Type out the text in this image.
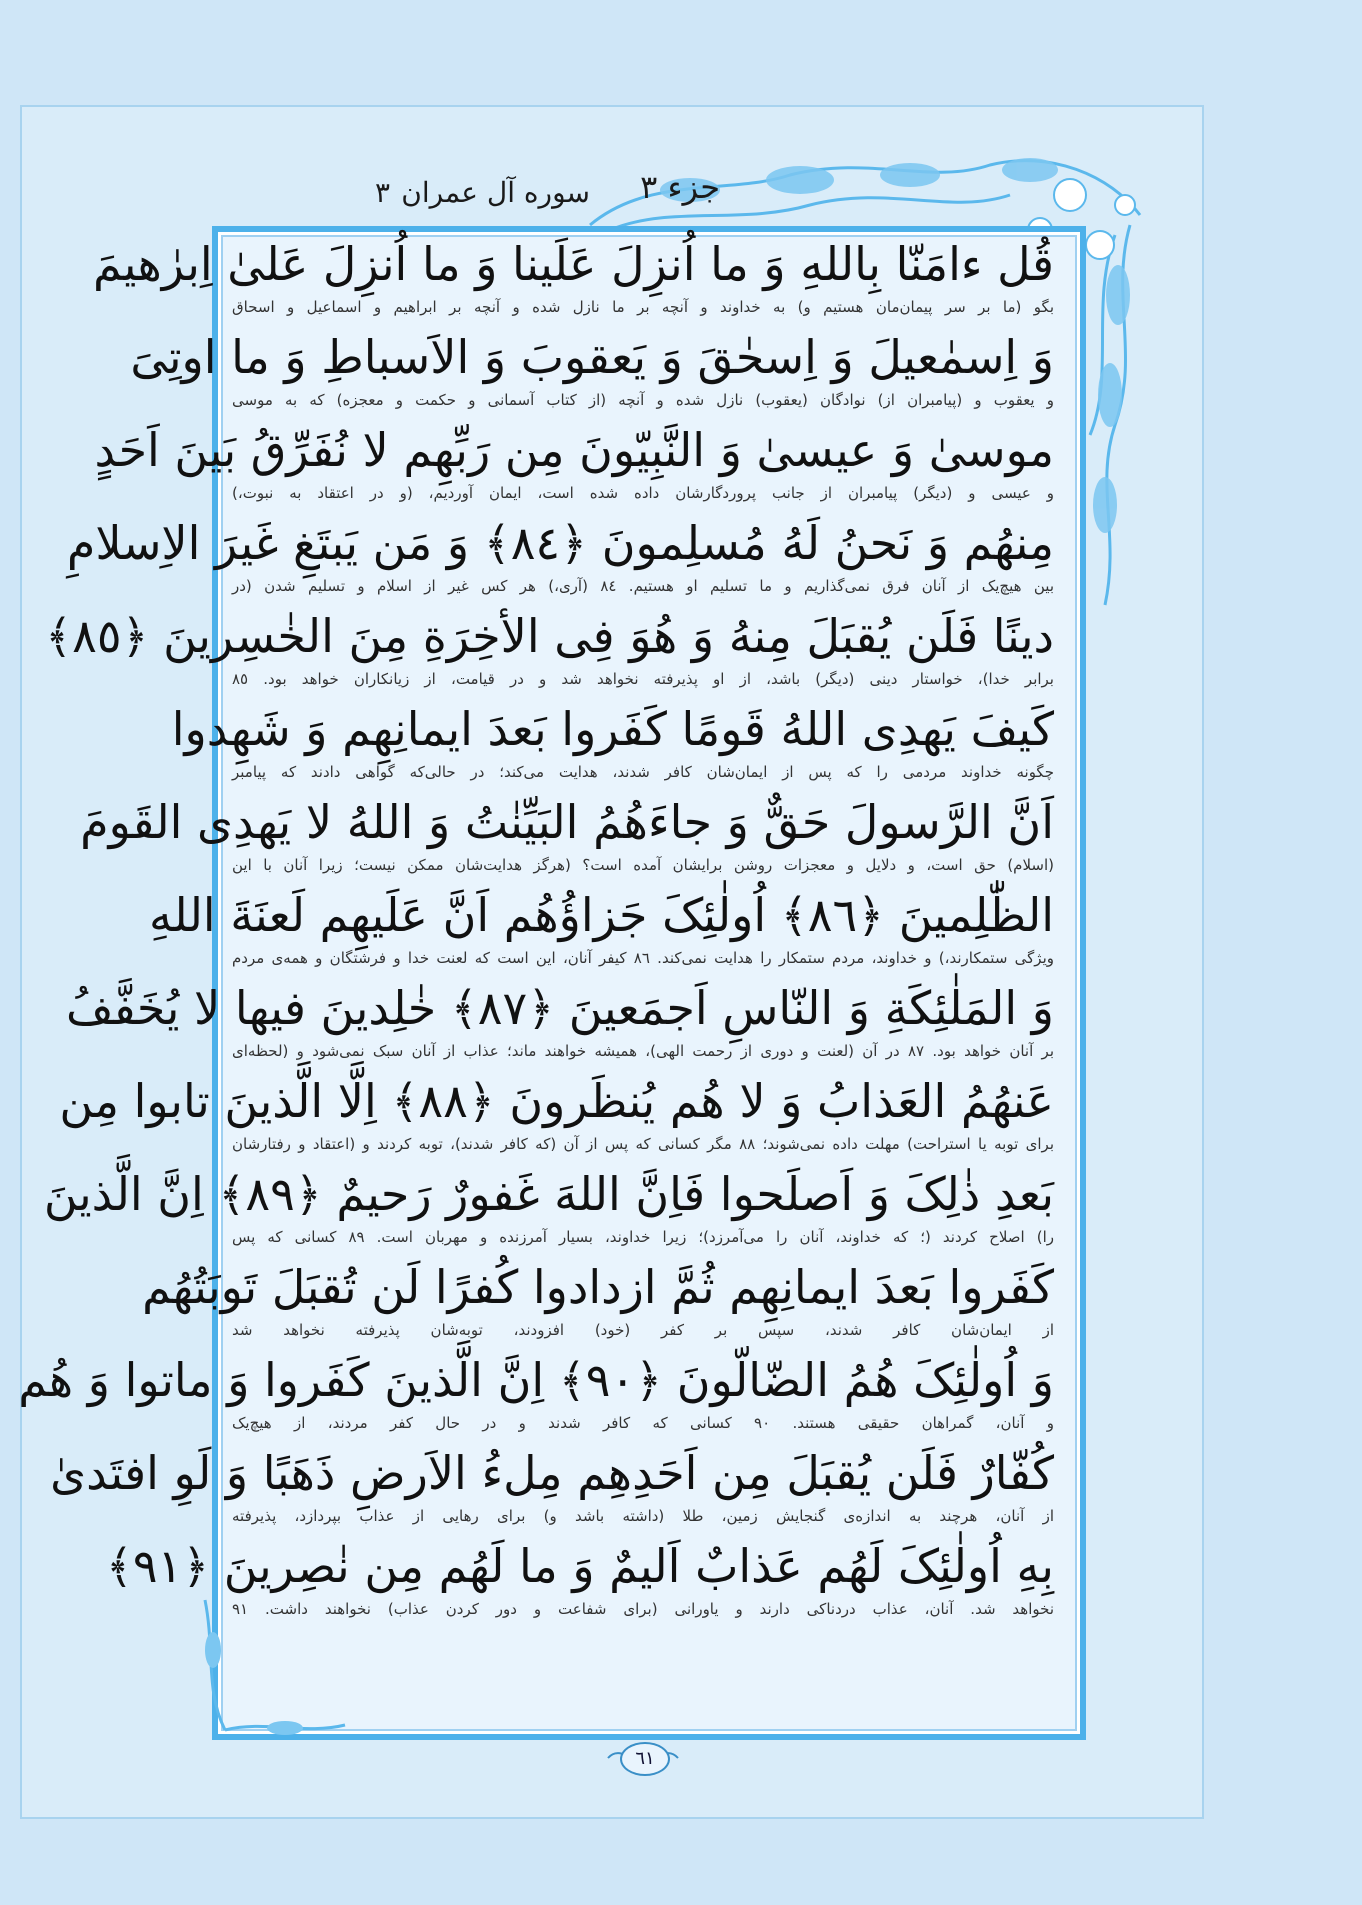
جزء ٣
سوره آل عمران
٣
قُل ءامَنّا بِاللهِ وَ ما اُنزِلَ عَلَينا وَ ما اُنزِلَ عَلیٰ اِبرٰهیمَ
بگو (ما بر سر پیمان‌مان هستیم و) به خداوند و آنچه بر ما نازل شده و آنچه بر ابراهیم و اسماعیل و اسحاق
وَ اِسمٰعیلَ وَ اِسحٰقَ وَ یَعقوبَ وَ الاَسباطِ وَ ما اوتِیَ
و یعقوب و (پیامبران از) نوادگان (یعقوب) نازل شده و آنچه (از کتاب آسمانی و حکمت و معجزه) که به موسی
موسیٰ وَ عیسیٰ وَ النَّبِیّونَ مِن رَبِّهِم لا نُفَرِّقُ بَینَ اَحَدٍ
و عیسی و (دیگر) پیامبران از جانب پروردگارشان داده شده است، ایمان آوردیم، (و در اعتقاد به نبوت،)
مِنهُم وَ نَحنُ لَهُ مُسلِمونَ ﴿٨٤﴾ وَ مَن یَبتَغِ غَیرَ الاِسلامِ
بین هیچ‌یک از آنان فرق نمی‌گذاریم و ما تسلیم او هستیم. ٨٤ (آری،) هر کس غیر از اسلام و تسلیم شدن (در
دینًا فَلَن یُقبَلَ مِنهُ وَ هُوَ فِی الأخِرَةِ مِنَ الخٰسِرینَ ﴿٨٥﴾
برابر خدا)، خواستار دینی (دیگر) باشد، از او پذیرفته نخواهد شد و در قیامت، از زیانکاران خواهد بود. ٨٥
کَیفَ یَهدِی اللهُ قَومًا کَفَروا بَعدَ ایمانِهِم وَ شَهِدوا
چگونه خداوند مردمی را که پس از ایمان‌شان کافر شدند، هدایت می‌کند؛ در حالی‌که گواهی دادند که پیامبر
اَنَّ الرَّسولَ حَقٌّ وَ جاءَهُمُ البَیِّنٰتُ وَ اللهُ لا یَهدِی القَومَ
(اسلام) حق است، و دلایل و معجزات روشن برایشان آمده است؟ (هرگز هدایت‌شان ممکن نیست؛ زیرا آنان با این
الظّٰلِمینَ ﴿٨٦﴾ اُولٰئِکَ جَزاؤُهُم اَنَّ عَلَیهِم لَعنَةَ اللهِ
ویژگی ستمکارند،) و خداوند، مردم ستمکار را هدایت نمی‌کند. ٨٦ کیفر آنان، این است که لعنت خدا و فرشتگان و همه‌ی مردم
وَ المَلٰئِکَةِ وَ النّاسِ اَجمَعینَ ﴿٨٧﴾ خٰلِدینَ فیها لا یُخَفَّفُ
بر آنان خواهد بود. ٨٧ در آن (لعنت و دوری از رحمت الهی)، همیشه خواهند ماند؛ عذاب از آنان سبک نمی‌شود و (لحظه‌ای
عَنهُمُ العَذابُ وَ لا هُم یُنظَرونَ ﴿٨٨﴾ اِلَّا الَّذینَ تابوا مِن
برای توبه یا استراحت) مهلت داده نمی‌شوند؛ ٨٨ مگر کسانی که پس از آن (که کافر شدند)، توبه کردند و (اعتقاد و رفتارشان
بَعدِ ذٰلِکَ وَ اَصلَحوا فَاِنَّ اللهَ غَفورٌ رَحیمٌ ﴿٨٩﴾ اِنَّ الَّذینَ
را) اصلاح کردند (؛ که خداوند، آنان را می‌آمرزد)؛ زیرا خداوند، بسیار آمرزنده و مهربان است. ٨٩ کسانی که پس
کَفَروا بَعدَ ایمانِهِم ثُمَّ ازدادوا کُفرًا لَن تُقبَلَ تَوبَتُهُم
از ایمان‌شان کافر شدند، سپس بر کفر (خود) افزودند، توبه‌شان پذیرفته نخواهد شد
وَ اُولٰئِکَ هُمُ الضّالّونَ ﴿٩٠﴾ اِنَّ الَّذینَ کَفَروا وَ ماتوا وَ هُم
و آنان، گمراهان حقیقی هستند. ٩٠ کسانی که کافر شدند و در حال کفر مردند، از هیچ‌یک
کُفّارٌ فَلَن یُقبَلَ مِن اَحَدِهِم مِلءُ الاَرضِ ذَهَبًا وَ لَوِ افتَدیٰ
از آنان، هرچند به اندازه‌ی گنجایش زمین، طلا (داشته باشد و) برای رهایی از عذاب بپردازد، پذیرفته
بِهِ اُولٰئِکَ لَهُم عَذابٌ اَلیمٌ وَ ما لَهُم مِن نٰصِرینَ ﴿٩١﴾
نخواهد شد. آنان، عذاب دردناکی دارند و یاورانی (برای شفاعت و دور کردن عذاب) نخواهند داشت. ٩١
٦١
